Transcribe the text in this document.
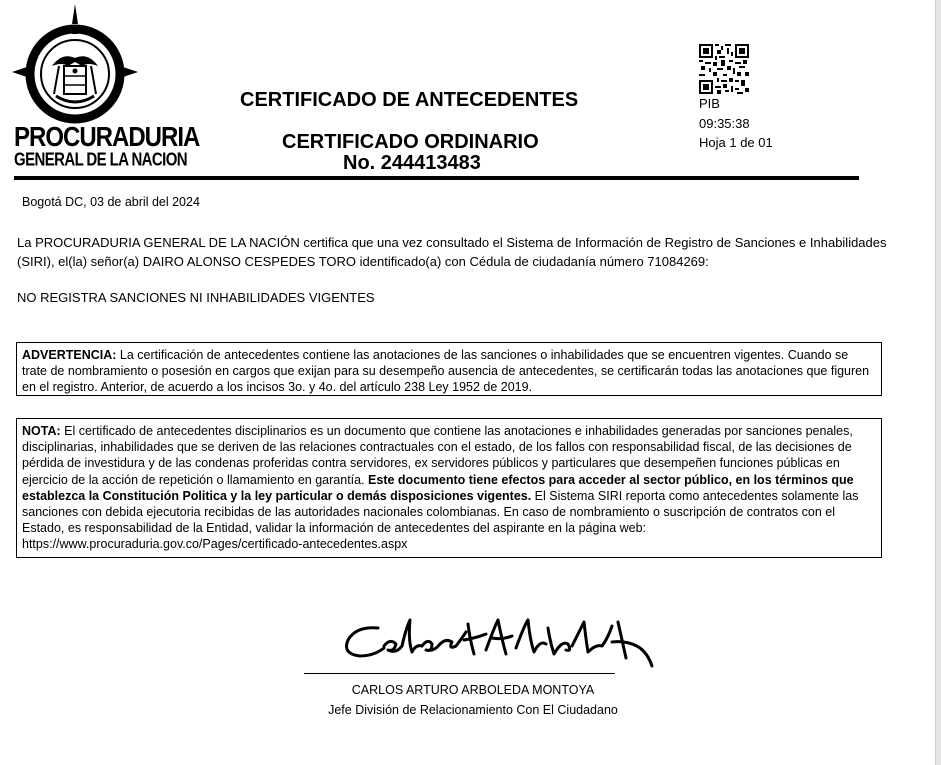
PROCURADURIA
GENERAL DE LA NACION
CERTIFICADO DE ANTECEDENTES
CERTIFICADO ORDINARIO
No. 244413483
PIB
09:35:38
Hoja 1 de 01
Bogotá DC, 03 de abril del 2024
La PROCURADURIA GENERAL DE LA NACIÓN certifica que una vez consultado el Sistema de Información de Registro de Sanciones e Inhabilidades
(SIRI), el(la) señor(a) DAIRO ALONSO CESPEDES TORO identificado(a) con Cédula de ciudadanía número 71084269:
NO REGISTRA SANCIONES NI INHABILIDADES VIGENTES
ADVERTENCIA: La certificación de antecedentes contiene las anotaciones de las sanciones o inhabilidades que se encuentren vigentes. Cuando se trate de nombramiento o posesión en cargos que exijan para su desempeño ausencia de antecedentes, se certificarán todas las anotaciones que figuren en el registro. Anterior, de acuerdo a los incisos 3o. y 4o. del artículo 238 Ley 1952 de 2019.
NOTA: El certificado de antecedentes disciplinarios es un documento que contiene las anotaciones e inhabilidades generadas por sanciones penales, disciplinarias, inhabilidades que se deriven de las relaciones contractuales con el estado, de los fallos con responsabilidad fiscal, de las decisiones de pérdida de investidura y de las condenas proferidas contra servidores, ex servidores públicos y particulares que desempeñen funciones públicas en ejercicio de la acción de repetición o llamamiento en garantía. Este documento tiene efectos para acceder al sector público, en los términos que establezca la Constitución Politica y la ley particular o demás disposiciones vigentes. El Sistema SIRI reporta como antecedentes solamente las sanciones con debida ejecutoria recibidas de las autoridades nacionales colombianas. En caso de nombramiento o suscripción de contratos con el Estado, es responsabilidad de la Entidad, validar la información de antecedentes del aspirante en la página web:
https://www.procuraduria.gov.co/Pages/certificado-antecedentes.aspx
CARLOS ARTURO ARBOLEDA MONTOYA
Jefe División de Relacionamiento Con El Ciudadano
